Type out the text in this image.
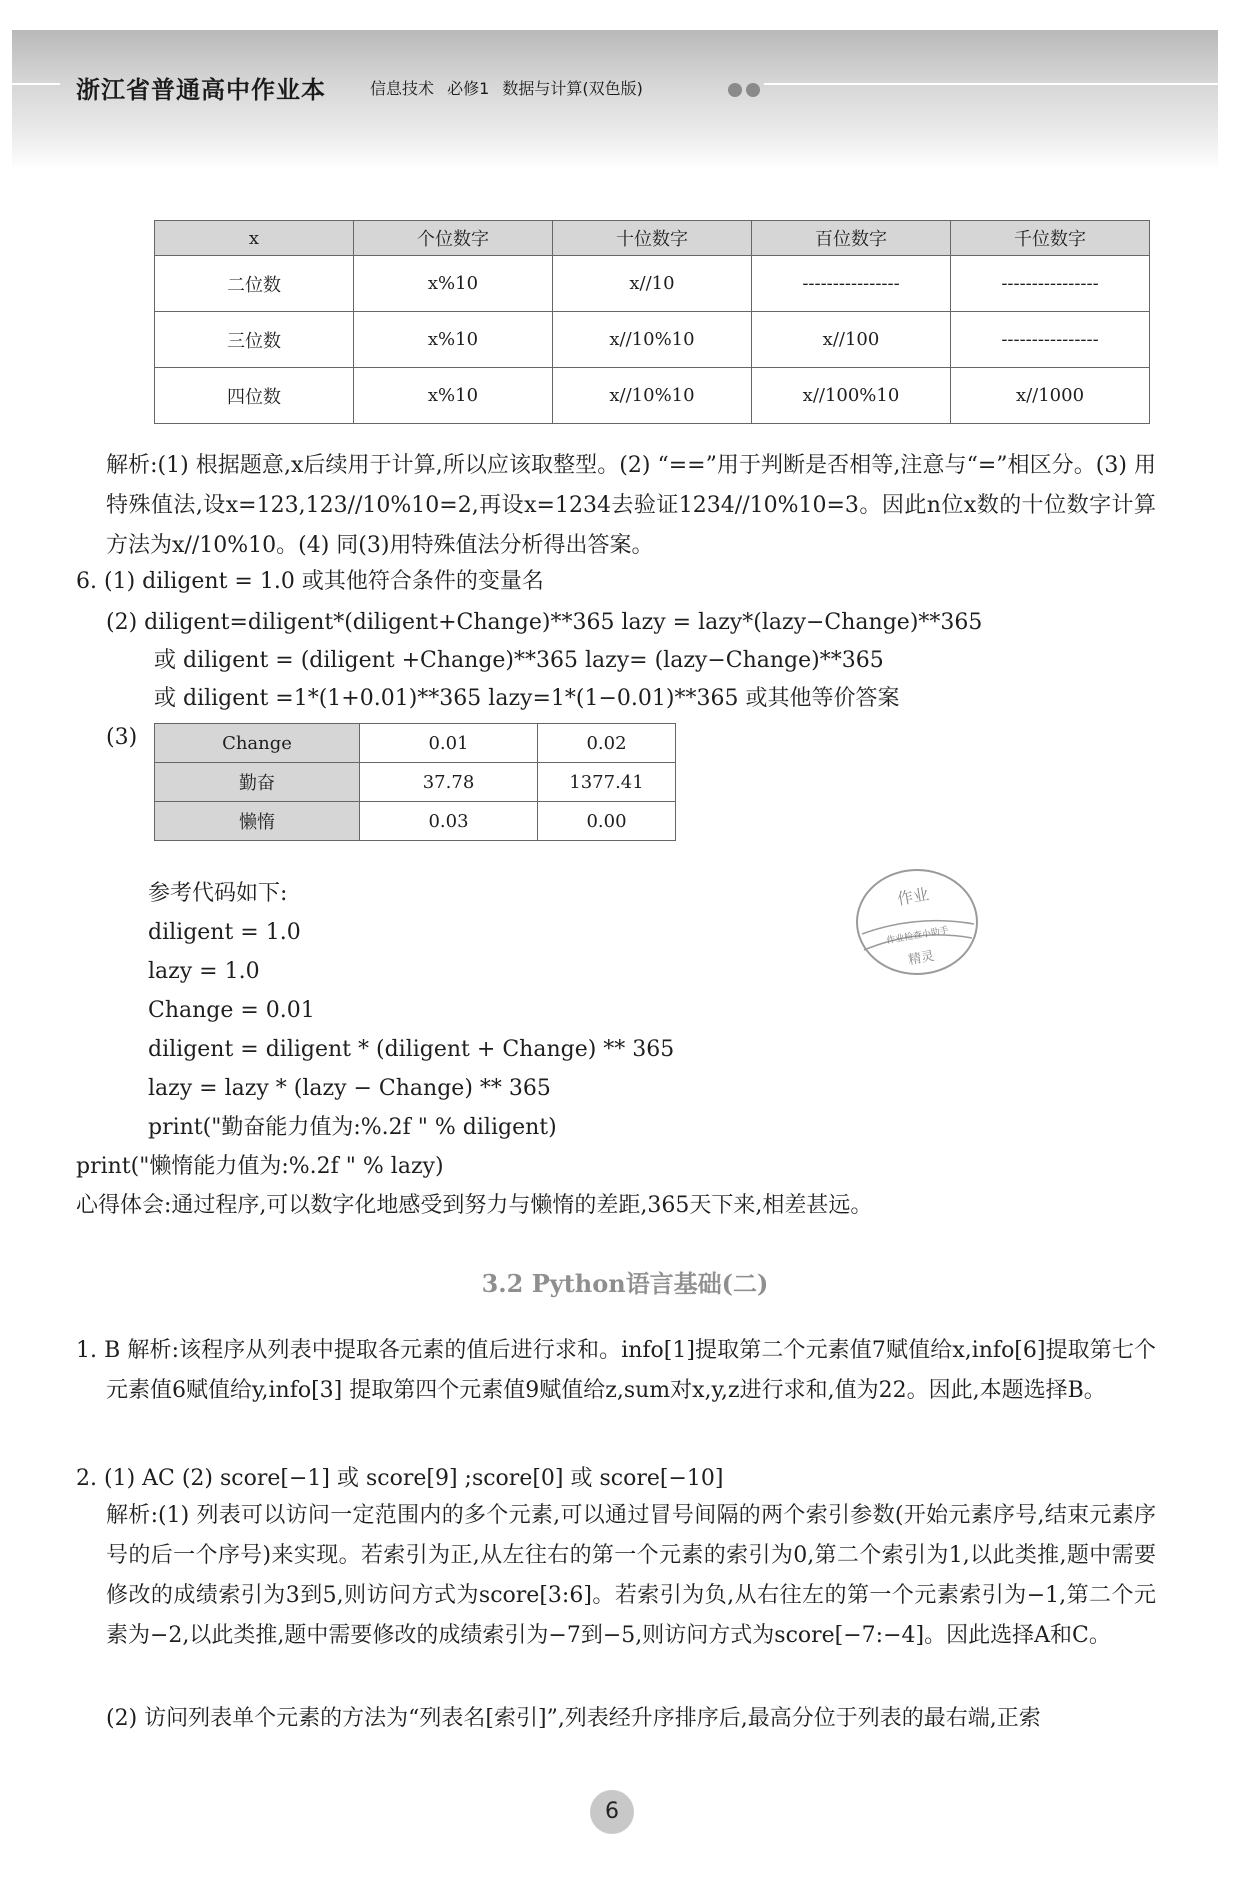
浙江省普通高中作业本	信息技术 必修1 数据与计算(双色版)
x	个位数字	十位数字	百位数字	千位数字
二位数	x%10	x//10	----------------	----------------
三位数	x%10	x//10%10	x//100	----------------
四位数	x%10	x//10%10	x//100%10	x//1000
解析:(1) 根据题意,x后续用于计算,所以应该取整型。(2) “==”用于判断是否相等,注意与“=”相区分。(3) 用特殊值法,设x=123,123//10%10=2,再设x=1234去验证1234//10%10=3。因此n位x数的十位数字计算方法为x//10%10。(4) 同(3)用特殊值法分析得出答案。
6. (1) diligent = 1.0 或其他符合条件的变量名
(2) diligent=diligent*(diligent+Change)**365 lazy = lazy*(lazy−Change)**365
或 diligent = (diligent +Change)**365 lazy= (lazy−Change)**365
或 diligent =1*(1+0.01)**365 lazy=1*(1−0.01)**365 或其他等价答案
(3)	Change	0.01	0.02
勤奋	37.78	1377.41
懒惰	0.03	0.00
作业
作业检查小助手
精灵
参考代码如下:
diligent = 1.0
lazy = 1.0
Change = 0.01
diligent = diligent * (diligent + Change) ** 365
lazy = lazy * (lazy − Change) ** 365
print("勤奋能力值为:%.2f " % diligent)
print("懒惰能力值为:%.2f " % lazy)
心得体会:通过程序,可以数字化地感受到努力与懒惰的差距,365天下来,相差甚远。
3.2 Python语言基础(二)
1. B 解析:该程序从列表中提取各元素的值后进行求和。info[1]提取第二个元素值7赋值给x,info[6]提取第七个元素值6赋值给y,info[3] 提取第四个元素值9赋值给z,sum对x,y,z进行求和,值为22。因此,本题选择B。
2. (1) AC (2) score[−1] 或 score[9] ;score[0] 或 score[−10]
解析:(1) 列表可以访问一定范围内的多个元素,可以通过冒号间隔的两个索引参数(开始元素序号,结束元素序号的后一个序号)来实现。若索引为正,从左往右的第一个元素的索引为0,第二个索引为1,以此类推,题中需要修改的成绩索引为3到5,则访问方式为score[3:6]。若索引为负,从右往左的第一个元素索引为−1,第二个元素为−2,以此类推,题中需要修改的成绩索引为−7到−5,则访问方式为score[−7:−4]。因此选择A和C。
(2) 访问列表单个元素的方法为“列表名[索引]”,列表经升序排序后,最高分位于列表的最右端,正索
6
